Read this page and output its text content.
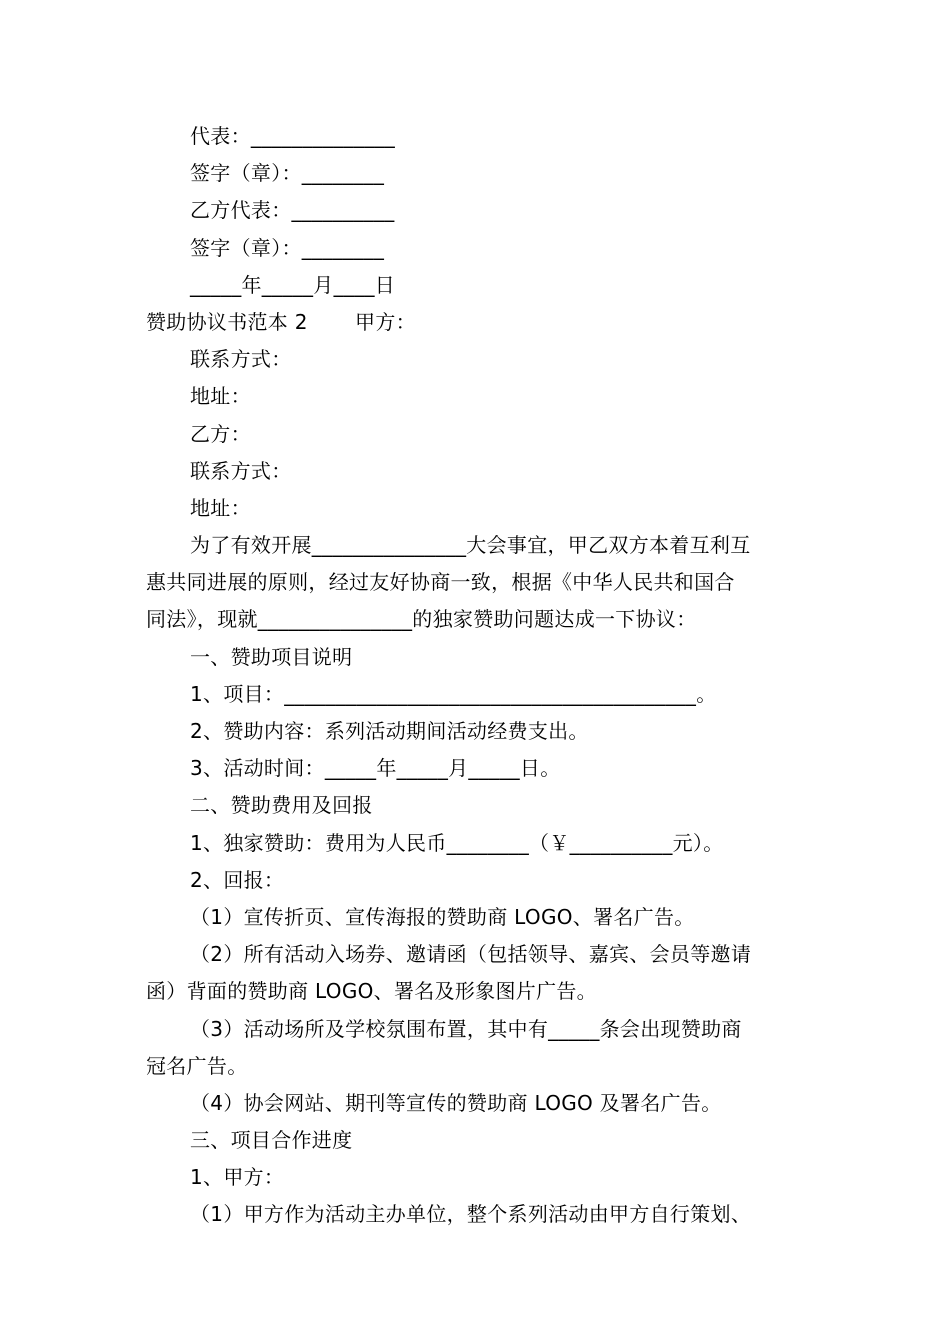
代表：______________

签字（章）：________

乙方代表：__________

签字（章）：________

_____年_____月____日

赞助协议书范本 2　　 甲方：

联系方式：

地址：

乙方：

联系方式：

地址：

为了有效开展_______________大会事宜，甲乙双方本着互利互

惠共同进展的原则，经过友好协商一致，根据《中华人民共和国合

同法》，现就_______________的独家赞助问题达成一下协议：

一、赞助项目说明

1、项目：________________________________________。

2、赞助内容：系列活动期间活动经费支出。

3、活动时间：_____年_____月_____日。

二、赞助费用及回报

1、独家赞助：费用为人民币________（￥__________元）。

2、回报：

（1）宣传折页、宣传海报的赞助商 LOGO、署名广告。

（2）所有活动入场券、邀请函（包括领导、嘉宾、会员等邀请

函）背面的赞助商 LOGO、署名及形象图片广告。

（3）活动场所及学校氛围布置，其中有_____条会出现赞助商

冠名广告。

（4）协会网站、期刊等宣传的赞助商 LOGO 及署名广告。

三、项目合作进度

1、甲方：

（1）甲方作为活动主办单位，整个系列活动由甲方自行策划、
